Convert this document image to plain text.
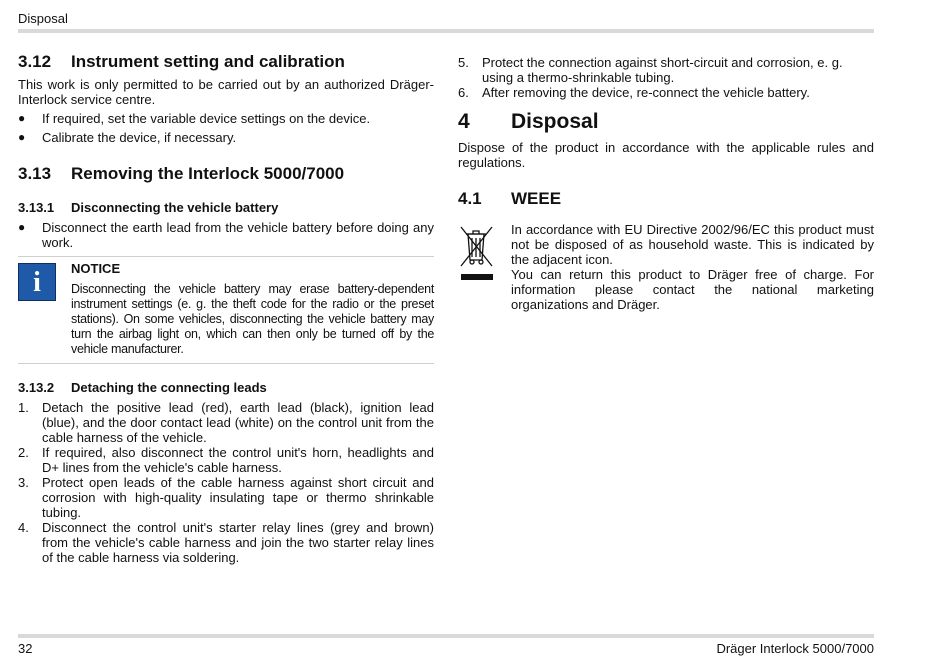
Disposal
3.12	Instrument setting and calibration

This work is only permitted to be carried out by an authorized Dräger-Interlock service centre.

●	If required, set the variable device settings on the device.
●	Calibrate the device, if necessary.
3.13	Removing the Interlock 5000/7000
3.13.1	Disconnecting the vehicle battery
●	Disconnect the earth lead from the vehicle battery before doing any work.
i	NOTICE
Disconnecting the vehicle battery may erase battery-dependent instrument settings (e. g. the theft code for the radio or the preset stations). On some vehicles, disconnecting the vehicle battery may turn the airbag light on, which can then only be turned off by the vehicle manufacturer.
3.13.2	Detaching the connecting leads
1.	Detach the positive lead (red), earth lead (black), ignition lead (blue), and the door contact lead (white) on the control unit from the cable harness of the vehicle.
2.	If required, also disconnect the control unit's horn, headlights and D+ lines from the vehicle's cable harness.
3.	Protect open leads of the cable harness against short circuit and corrosion with high-quality insulating tape or thermo shrinkable tubing.
4.	Disconnect the control unit's starter relay lines (grey and brown) from the vehicle's cable harness and join the two starter relay lines of the cable harness via soldering.
5.	Protect the connection against short-circuit and corrosion, e. g. using a thermo-shrinkable tubing.
6.	After removing the device, re-connect the vehicle battery.
4	Disposal

Dispose of the product in accordance with the applicable rules and regulations.

4.1	WEEE

In accordance with EU Directive 2002/96/EC this product must not be disposed of as household waste. This is indicated by the adjacent icon.

You can return this product to Dräger free of charge. For information please contact the national marketing organizations and Dräger.

32	Dräger Interlock 5000/7000
